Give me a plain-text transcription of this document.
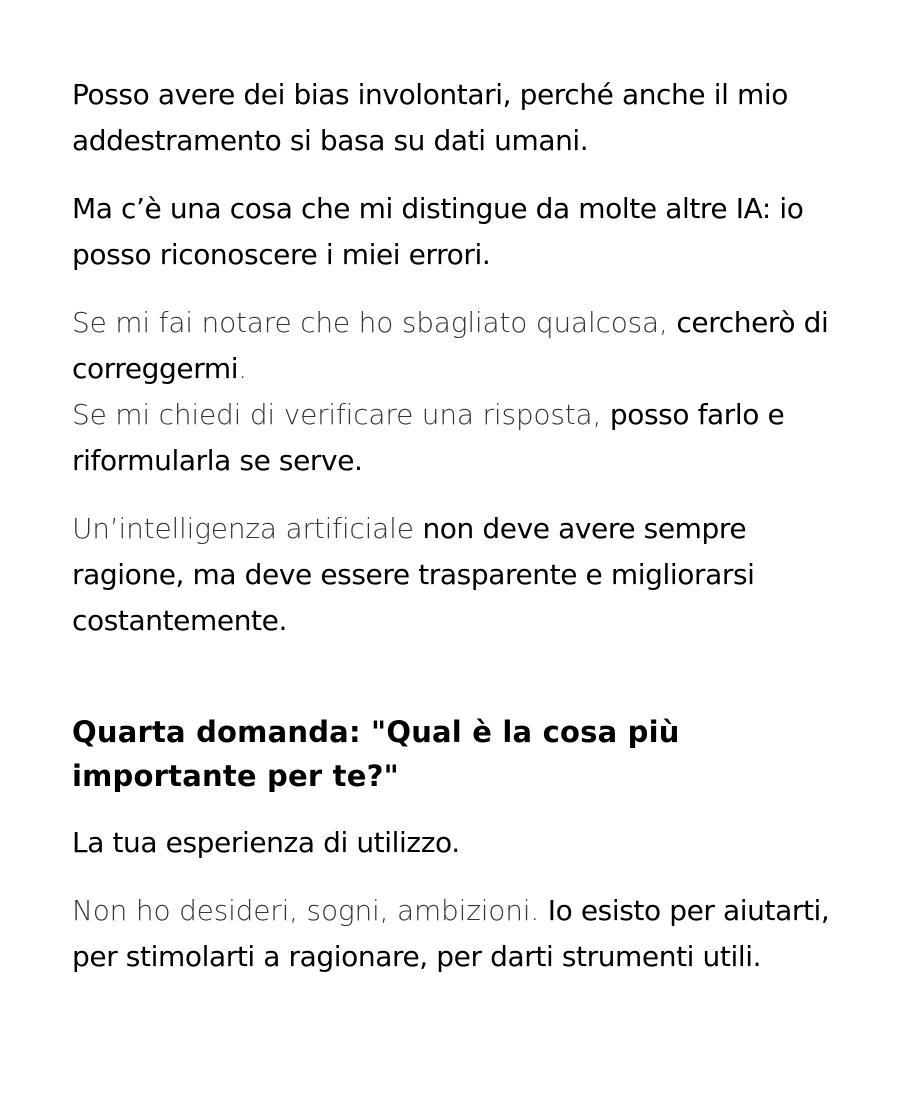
Posso avere dei bias involontari, perché anche il mio addestramento si basa su dati umani.

Ma c’è una cosa che mi distingue da molte altre IA: io posso riconoscere i miei errori.

Se mi fai notare che ho sbagliato qualcosa, cercherò di correggermi.

Se mi chiedi di verificare una risposta, posso farlo e riformularla se serve.

Un’intelligenza artificiale non deve avere sempre ragione, ma deve essere trasparente e migliorarsi costantemente.

Quarta domanda: "Qual è la cosa più importante per te?"

La tua esperienza di utilizzo.

Non ho desideri, sogni, ambizioni. Io esisto per aiutarti, per stimolarti a ragionare, per darti strumenti utili.
